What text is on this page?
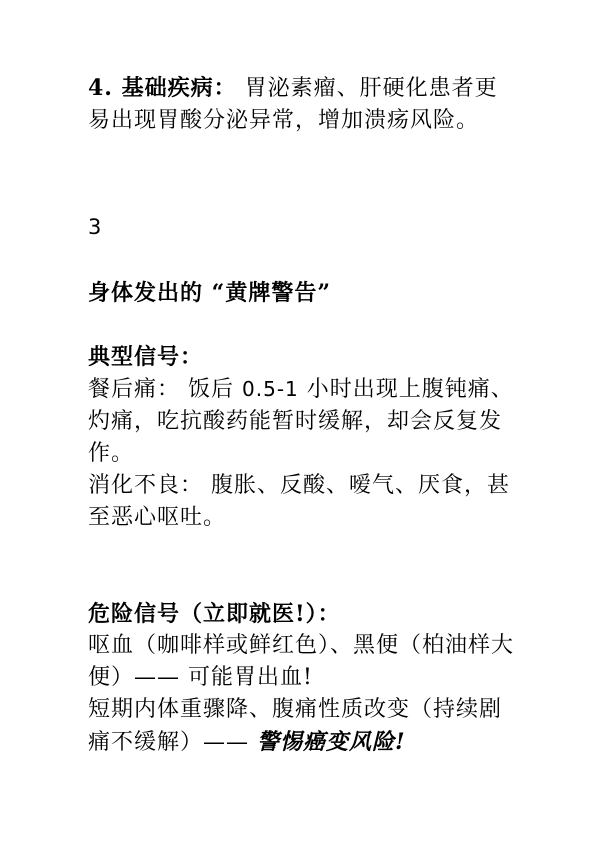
4. 基础疾病： 胃泌素瘤、肝硬化患者更易出现胃酸分泌异常，增加溃疡风险。

3

身体发出的 “黄牌警告”

典型信号：

餐后痛： 饭后 0.5-1 小时出现上腹钝痛、灼痛，吃抗酸药能暂时缓解，却会反复发作。

消化不良： 腹胀、反酸、嗳气、厌食，甚至恶心呕吐。

危险信号（立即就医!）：

呕血（咖啡样或鲜红色）、黑便（柏油样大便）—— 可能胃出血!

短期内体重骤降、腹痛性质改变（持续剧痛不缓解）—— 警惕癌变风险!
